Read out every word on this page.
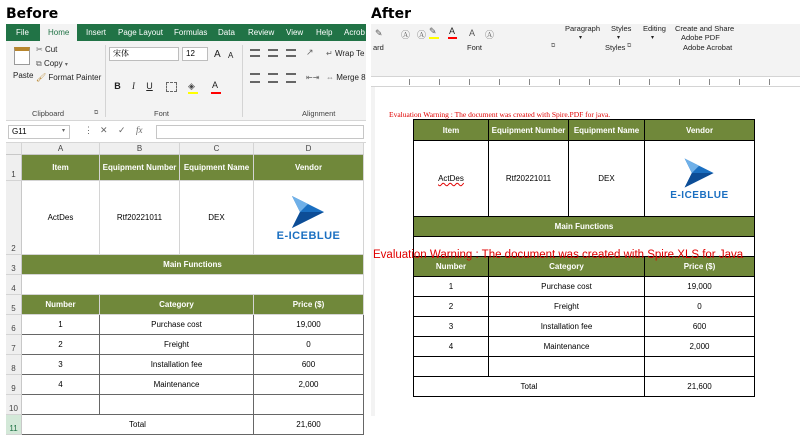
Before	After
File	Home	Insert Page Layout Formulas Data Review View Help Acrob
Paste
✂ Cut
⧉ Copy ▾
🖌 Format Painter
Clipboard	⧉
宋体	12	A A
B	I	U	◈ A
Font
↗
⇤⇥
↵ Wrap Te
⇔ Merge 8
Alignment
G11	▾ ⋮ ✕ ✓ fx
A	B	C	D
1
2
3
4
5
6
7
8
9
10
11
Item	Equipment Number Equipment Name	Vendor
ActDes	Rtf20221011	DEX
E-ICEBLUE
Main Functions
Number	Category	Price ($)
1	Purchase cost	19,000
2	Freight	0
3	Installation fee	600
4	Maintenance	2,000
Total	21,600
✎
ard
Ⓐ Ⓐ ✎ A A Ⓐ
Font	⧉
Paragraph
▾
Styles
▾
Styles ⧉
Editing
▾
Create and Share
Adobe PDF
Adobe Acrobat
Evaluation Warning : The document was created with Spire.PDF for java.
Item	Equipment Number	Equipment Name	Vendor
ActDes	Rtf20221011	DEX
E-ICEBLUE
Main Functions
Number	Category	Price ($)
Evaluation Warning : The document was created with Spire.XLS for Java
1	Purchase cost	19,000
2	Freight	0
3	Installation fee	600
4	Maintenance	2,000
Total	21,600
